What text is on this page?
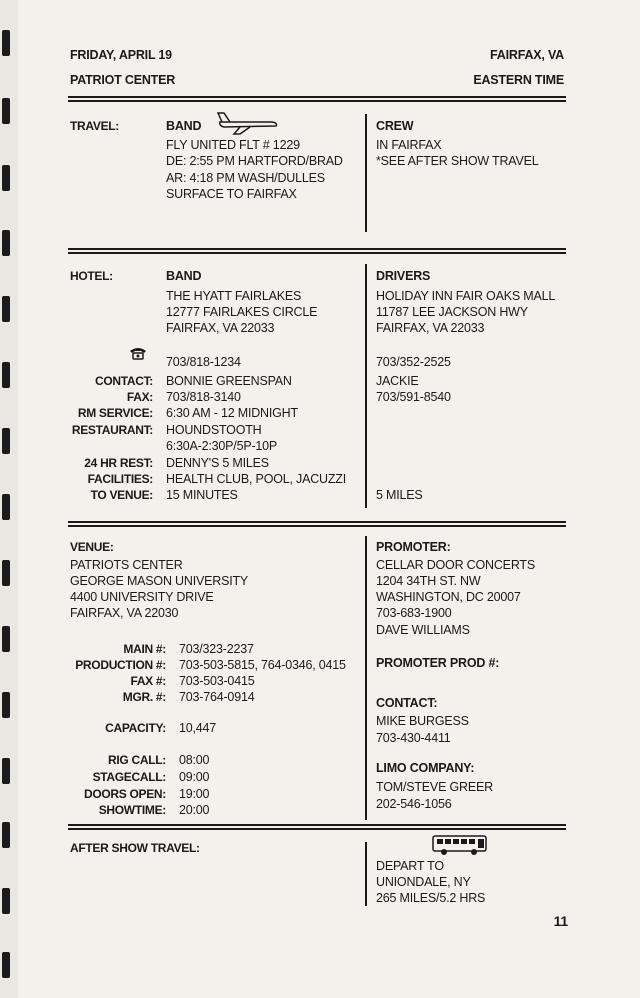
FRIDAY, APRIL 19
PATRIOT CENTER
FAIRFAX, VA
EASTERN TIME
TRAVEL:	BAND
FLY UNITED FLT # 1229
DE: 2:55 PM HARTFORD/BRAD
AR: 4:18 PM WASH/DULLES
SURFACE TO FAIRFAX
CREW
IN FAIRFAX
*SEE AFTER SHOW TRAVEL
HOTEL:	BAND
THE HYATT FAIRLAKES
12777 FAIRLAKES CIRCLE
FAIRFAX, VA 22033
703/818-1234
CONTACT: BONNIE GREENSPAN
FAX: 703/818-3140
RM SERVICE: 6:30 AM - 12 MIDNIGHT
RESTAURANT: HOUNDSTOOTH
6:30A-2:30P/5P-10P
24 HR REST: DENNY'S 5 MILES
FACILITIES: HEALTH CLUB, POOL, JACUZZI
TO VENUE: 15 MINUTES
DRIVERS
HOLIDAY INN FAIR OAKS MALL
11787 LEE JACKSON HWY
FAIRFAX, VA 22033
703/352-2525
JACKIE
703/591-8540
5 MILES
VENUE:
PATRIOTS CENTER
GEORGE MASON UNIVERSITY
4400 UNIVERSITY DRIVE
FAIRFAX, VA 22030
MAIN #: 703/323-2237
PRODUCTION #: 703-503-5815, 764-0346, 0415
FAX #: 703-503-0415
MGR. #: 703-764-0914
CAPACITY: 10,447
RIG CALL: 08:00
STAGECALL: 09:00
DOORS OPEN: 19:00
SHOWTIME: 20:00
PROMOTER:
CELLAR DOOR CONCERTS
1204 34TH ST. NW
WASHINGTON, DC 20007
703-683-1900
DAVE WILLIAMS
PROMOTER PROD #:
CONTACT:
MIKE BURGESS
703-430-4411
LIMO COMPANY:
TOM/STEVE GREER
202-546-1056
AFTER SHOW TRAVEL:
DEPART TO
UNIONDALE, NY
265 MILES/5.2 HRS
11
